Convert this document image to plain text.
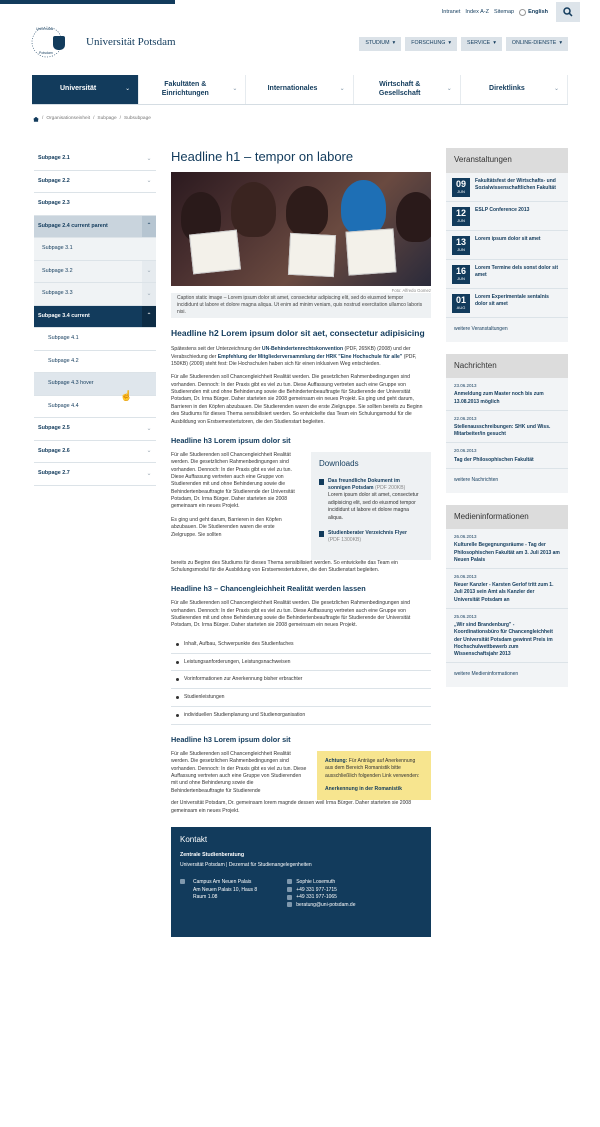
Intranet Index A-Z Sitemap	English
Universitas
Potsdam
Universität Potsdam	STUDIUM ▾	FORSCHUNG ▾	SERVICE ▾	ONLINE-DIENSTE ▾
Universität	⌄
Fakultäten & Einrichtungen
⌄	Internationales	⌄
Wirtschaft & Gesellschaft
⌄	Direktlinks	⌄
/ Organisationseinheit / Subpage / Subsubpage
Subpage 2.1	⌄
Subpage 2.2	⌄
Subpage 2.3
Subpage 2.4 current parent	⌃
Subpage 3.1
Subpage 3.2	⌄
Subpage 3.3	⌄
Subpage 3.4 current	⌃
Subpage 4.1
Subpage 4.2
Subpage 4.3 hover
Subpage 4.4
Subpage 2.5	⌄
Subpage 2.6	⌄
Subpage 2.7	⌄
☝
Headline h1 – tempor on labore
Foto: Alfredo Gomez
Caption static image – Lorem ipsum dolor sit amet, consectetur adipiscing elit, sed do eiusmod tempor incididunt ut labore et dolore magna aliqua. Ut enim ad minim veniam, quis nostrud exercitation ullamco laboris nisi.
Headline h2 Lorem ipsum dolor sit aet, consectetur adipisicing

Spätestens seit der Unterzeichnung der UN-Behindertenrechtskonvention (PDF, 265KB) (2008) und der Verabschiedung der Empfehlung der Mitgliederversammlung der HRK "Eine Hochschule für alle" (PDF, 150KB) (2009) steht fest: Die Hochschulen haben sich für einen inklusiven Weg entschieden.

Für alle Studierenden soll Chancengleichheit Realität werden. Die gesetzlichen Rahmenbedingungen sind vorhanden. Dennoch: In der Praxis gibt es viel zu tun. Diese Auffassung vertreten auch eine Gruppe von Studierenden mit und ohne Behinderung sowie die Behindertenbeauftragte für Studierende der Universität Potsdam, Dr. Irma Bürger. Daher starteten sie 2008 gemeinsam ein neues Projekt. Es ging und geht darum, Barrieren in den Köpfen abzubauen. Die Studierenden waren die erste Zielgruppe. Sie sollten bereits zu Beginn des Studiums für dieses Thema sensibilisiert werden. So entwickelte das Team ein Schulungsmodul für die Ausbildung von Erstsemestertutoren, die den Studienstart begleiten.

Headline h3 Lorem ipsum dolor sit

Für alle Studierenden soll Chancengleichheit Realität werden. Die gesetzlichen Rahmenbedingungen sind vorhanden. Dennoch: In der Praxis gibt es viel zu tun. Diese Auffassung vertreten auch eine Gruppe von Studierenden mit und ohne Behinderung sowie die Behindertenbeauftragte für Studierende der Universität Potsdam, Dr. Irma Bürger. Daher starteten sie 2008 gemeinsam ein neues Projekt.

Es ging und geht darum, Barrieren in den Köpfen abzubauen. Die Studierenden waren die erste Zielgruppe. Sie sollten

Downloads
Das freundliche Dokument im sonnigen Potsdam (PDF 200KB)
Lorem ipsum dolor sit amet, consectetur adipisicing elit, sed do eiusmod tempor incididunt ut labore et dolore magna aliqua.
Studienberater Verzeichnis Flyer
(PDF 1300KB)

bereits zu Beginn des Studiums für dieses Thema sensibilisiert werden. So entwickelte das Team ein Schulungsmodul für die Ausbildung von Erstsemestertutoren, die den Studienstart begleiten.

Headline h3 – Chancengleichheit Realität werden lassen

Für alle Studierenden soll Chancengleichheit Realität werden. Die gesetzlichen Rahmenbedingungen sind vorhanden. Dennoch: In der Praxis gibt es viel zu tun. Diese Auffassung vertreten auch eine Gruppe von Studierenden mit und ohne Behinderung sowie die Behindertenbeauftragte für Studierende der Universität Potsdam, Dr. Irma Bürger. Daher starteten sie 2008 gemeinsam ein neues Projekt.

Inhalt, Aufbau, Schwerpunkte des Studienfaches
Leistungsanforderungen, Leistungsnachweisen
Vorinformationen zur Anerkennung bisher erbrachter
Studienleistungen
individuellen Studienplanung und Studienorganisation
Headline h3 Lorem ipsum dolor sit

Für alle Studierenden soll Chancengleichheit Realität werden. Die gesetzlichen Rahmenbedingungen sind vorhanden. Dennoch: In der Praxis gibt es viel zu tun. Diese Auffassung vertreten auch eine Gruppe von Studierenden mit und ohne Behinderung sowie die Behindertenbeauftragte für Studierende

Achtung: Für Anträge auf Anerkennung aus dem Bereich Romanistik bitte ausschließlich folgenden Link verwenden:
Anerkennung in der Romanistik

der Universität Potsdam, Dr. gemeinsam lorem magnde dessen weil Irma Bürger. Daher starteten sie 2008 gemeinsam ein neues Projekt.

Kontakt
Zentrale Studienberatung
Universität Potsdam | Dezernat für Studienangelegenheiten
Campus Am Neuen Palais
Am Neuen Palais 10, Haus 8
Raum 1.08
Sophie Losemuth
+49 331 977-1715
+49 331 977-1065
beratung@uni-potsdam.de
Veranstaltungen
09
JUN
Fakultätsfest der Wirtschafts- und Sozialwissenschaftlichen Fakultät
12
JUN
ESLP Conference 2013
13
JUN
Lorem ipsum dolor sit amet
16
JUN
Lorem Termine dels sonst dolor sit amet
01
AUG
Lorem Experimentale sentalnis dolor sit amet
weitere Veranstaltungen
Nachrichten
23.06.2013
Anmeldung zum Master noch bis zum 13.08.2013 möglich
22.06.2013
Stellenausschreibungen: SHK und Wiss. Mitarbeiter/in gesucht
20.06.2013
Tag der Philosophischen Fakultät
weitere Nachrichten
Medieninformationen
26.06.2013
Kulturelle Begegnungsräume - Tag der Philosophischen Fakultät am 3. Juli 2013 am Neuen Palais
26.06.2013
Neuer Kanzler - Karsten Gerlof tritt zum 1. Juli 2013 sein Amt als Kanzler der Universität Potsdam an
25.06.2013
„Wir sind Brandenburg" - Koordinationsbüro für Chancengleichheit der Universität Potsdam gewinnt Preis im Hochschulwettbewerb zum Wissenschaftsjahr 2013
weitere Medieninformationen
